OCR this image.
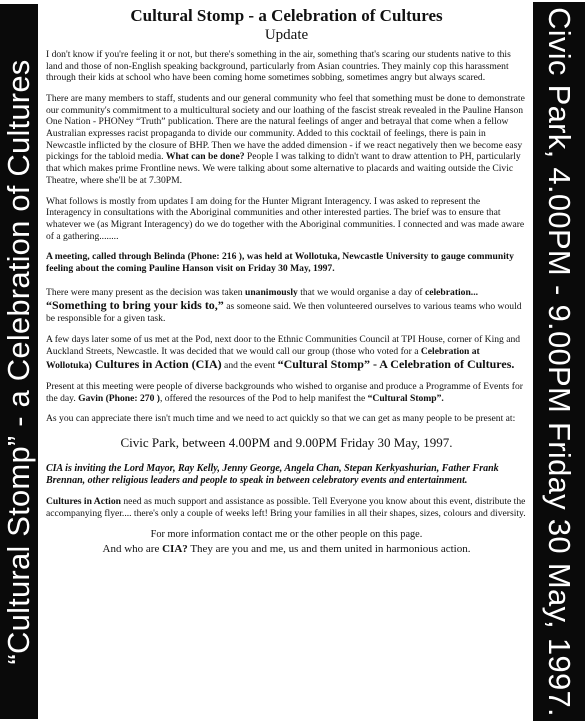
“Cultural Stomp” - a Celebration of Cultures	Civic Park, 4.00PM - 9.00PM Friday 30 May, 1997.
Cultural Stomp - a Celebration of Cultures
Update

I don't know if you're feeling it or not, but there's something in the air, something that's scaring our students native to this land and those of non-English speaking background, particularly from Asian countries. They mainly cop this harassment through their kids at school who have been coming home sometimes sobbing, sometimes angry but always scared.

There are many members to staff, students and our general community who feel that something must be done to demonstrate our community's commitment to a multicultural society and our loathing of the fascist streak revealed in the Pauline Hanson One Nation - PHONey “Truth” publication. There are the natural feelings of anger and betrayal that come when a fellow Australian expresses racist propaganda to divide our community. Added to this cocktail of feelings, there is pain in Newcastle inflicted by the closure of BHP. Then we have the added dimension - if we react negatively then we become easy pickings for the tabloid media. What can be done? People I was talking to didn't want to draw attention to PH, particularly that which makes prime Frontline news. We were talking about some alternative to placards and waiting outside the Civic Theatre, where she'll be at 7.30PM.

What follows is mostly from updates I am doing for the Hunter Migrant Interagency. I was asked to represent the Interagency in consultations with the Aboriginal communities and other interested parties. The brief was to ensure that whatever we (as Migrant Interagency) do we do together with the Aboriginal communities. I connected and was made aware of a gathering........

A meeting, called through Belinda (Phone: 216 ), was held at Wollotuka, Newcastle University to gauge community feeling about the coming Pauline Hanson visit on Friday 30 May, 1997.

There were many present as the decision was taken unanimously that we would organise a day of celebration... “Something to bring your kids to,” as someone said. We then volunteered ourselves to various teams who would be responsible for a given task.

A few days later some of us met at the Pod, next door to the Ethnic Communities Council at TPI House, corner of King and Auckland Streets, Newcastle. It was decided that we would call our group (those who voted for a Celebration at Wollotuka) Cultures in Action (CIA) and the event “Cultural Stomp” - A Celebration of Cultures.

Present at this meeting were people of diverse backgrounds who wished to organise and produce a Programme of Events for the day. Gavin (Phone: 270 ), offered the resources of the Pod to help manifest the “Cultural Stomp”.

As you can appreciate there isn't much time and we need to act quickly so that we can get as many people to be present at:

Civic Park, between 4.00PM and 9.00PM Friday 30 May, 1997.

CIA is inviting the Lord Mayor, Ray Kelly, Jenny George, Angela Chan, Stepan Kerkyashurian, Father Frank Brennan, other religious leaders and people to speak in between celebratory events and entertainment.

Cultures in Action need as much support and assistance as possible. Tell Everyone you know about this event, distribute the accompanying flyer.... there's only a couple of weeks left! Bring your families in all their shapes, sizes, colours and diversity.

For more information contact me or the other people on this page.

And who are CIA? They are you and me, us and them united in harmonious action.
